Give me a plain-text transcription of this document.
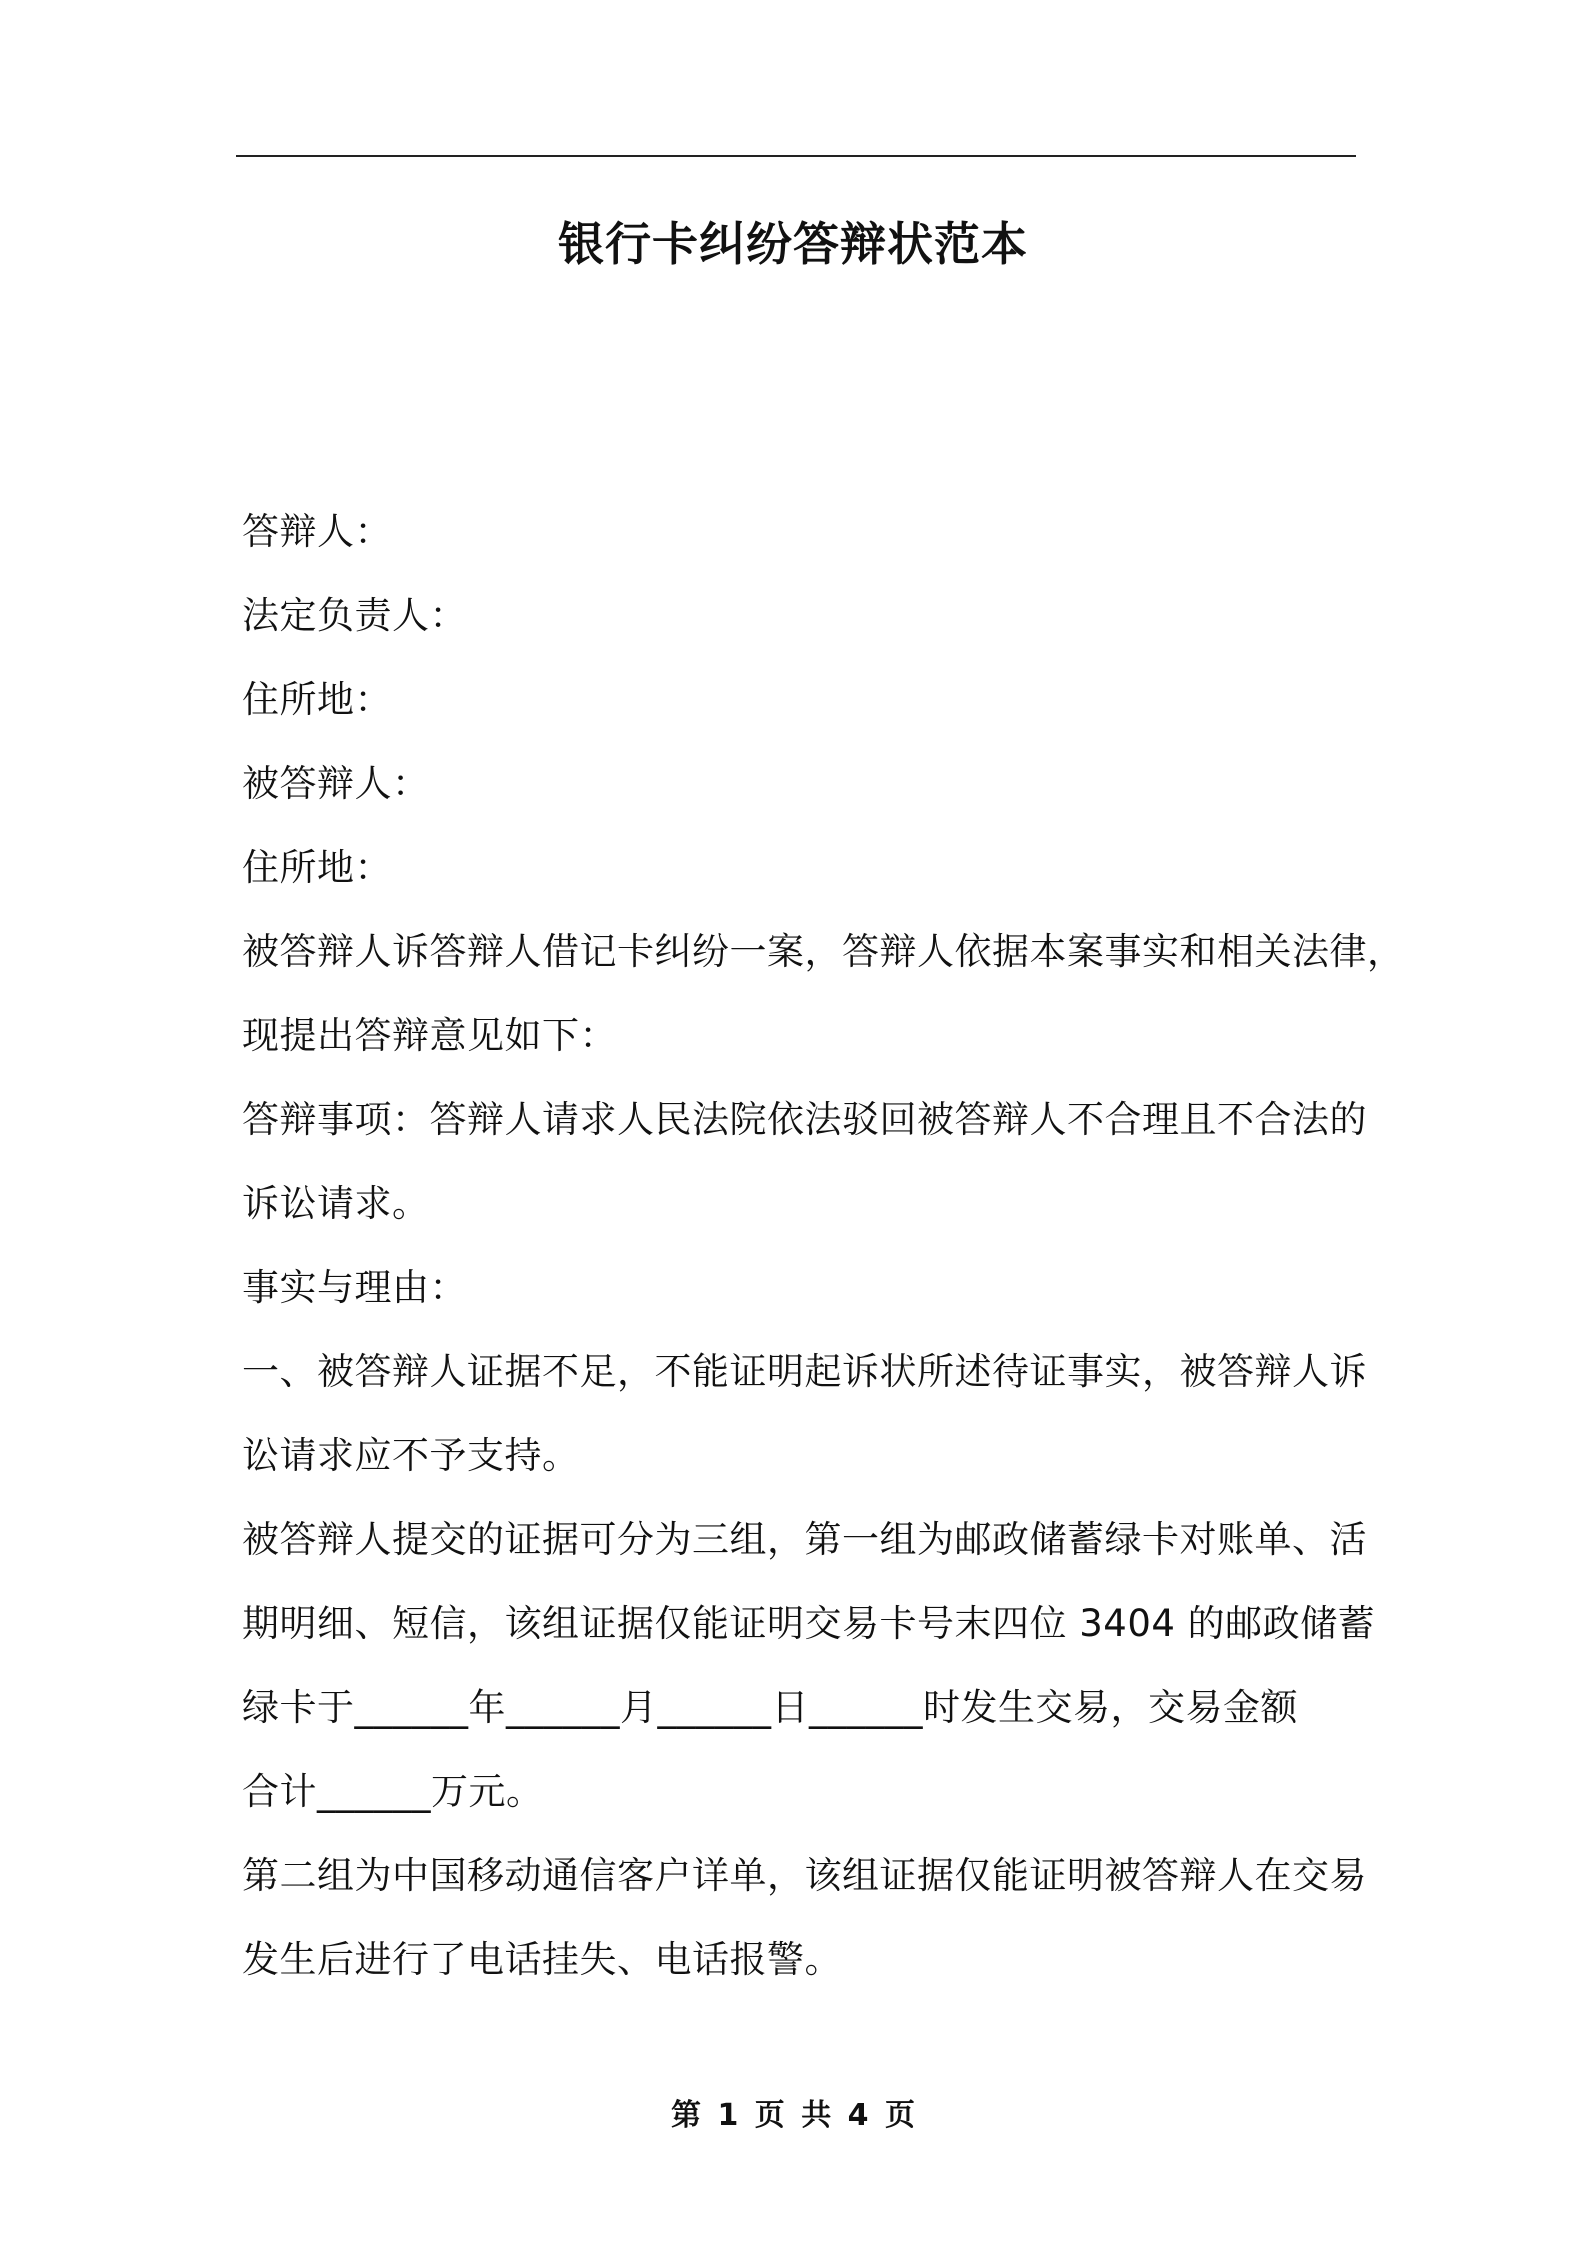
银行卡纠纷答辩状范本
答辩人：
法定负责人：
住所地：
被答辩人：
住所地：
被答辩人诉答辩人借记卡纠纷一案，答辩人依据本案事实和相关法律，
现提出答辩意见如下：
答辩事项：答辩人请求人民法院依法驳回被答辩人不合理且不合法的
诉讼请求。
事实与理由：
一、被答辩人证据不足，不能证明起诉状所述待证事实，被答辩人诉
讼请求应不予支持。
被答辩人提交的证据可分为三组，第一组为邮政储蓄绿卡对账单、活
期明细、短信，该组证据仅能证明交易卡号末四位 3404 的邮政储蓄
绿卡于______年______月______日______时发生交易，交易金额
合计______万元。
第二组为中国移动通信客户详单，该组证据仅能证明被答辩人在交易
发生后进行了电话挂失、电话报警。
第 1 页 共 4 页
